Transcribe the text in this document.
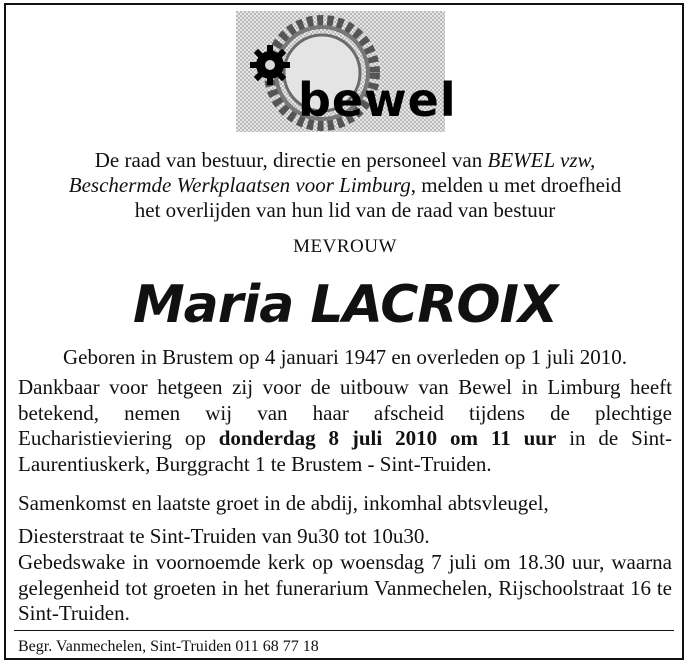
bewel
De raad van bestuur, directie en personeel van BEWEL vzw,
Beschermde Werkplaatsen voor Limburg, melden u met droefheid
het overlijden van hun lid van de raad van bestuur
MEVROUW
Maria LACROIX
Geboren in Brustem op 4 januari 1947 en overleden op 1 juli 2010.
Dankbaar voor hetgeen zij voor de uitbouw van Bewel in Limburg heeft betekend, nemen wij van haar afscheid tijdens de plechtige Eucharistieviering op donderdag 8 juli 2010 om 11 uur in de Sint-Laurentiuskerk, Burggracht 1 te Brustem - Sint-Truiden.
Samenkomst en laatste groet in de abdij, inkomhal abtsvleugel,
Diesterstraat te Sint-Truiden van 9u30 tot 10u30.
Gebedswake in voornoemde kerk op woensdag 7 juli om 18.30 uur, waarna gelegenheid tot groeten in het funerarium Vanmechelen, Rijschoolstraat 16 te Sint-Truiden.
Begr. Vanmechelen, Sint-Truiden 011 68 77 18
